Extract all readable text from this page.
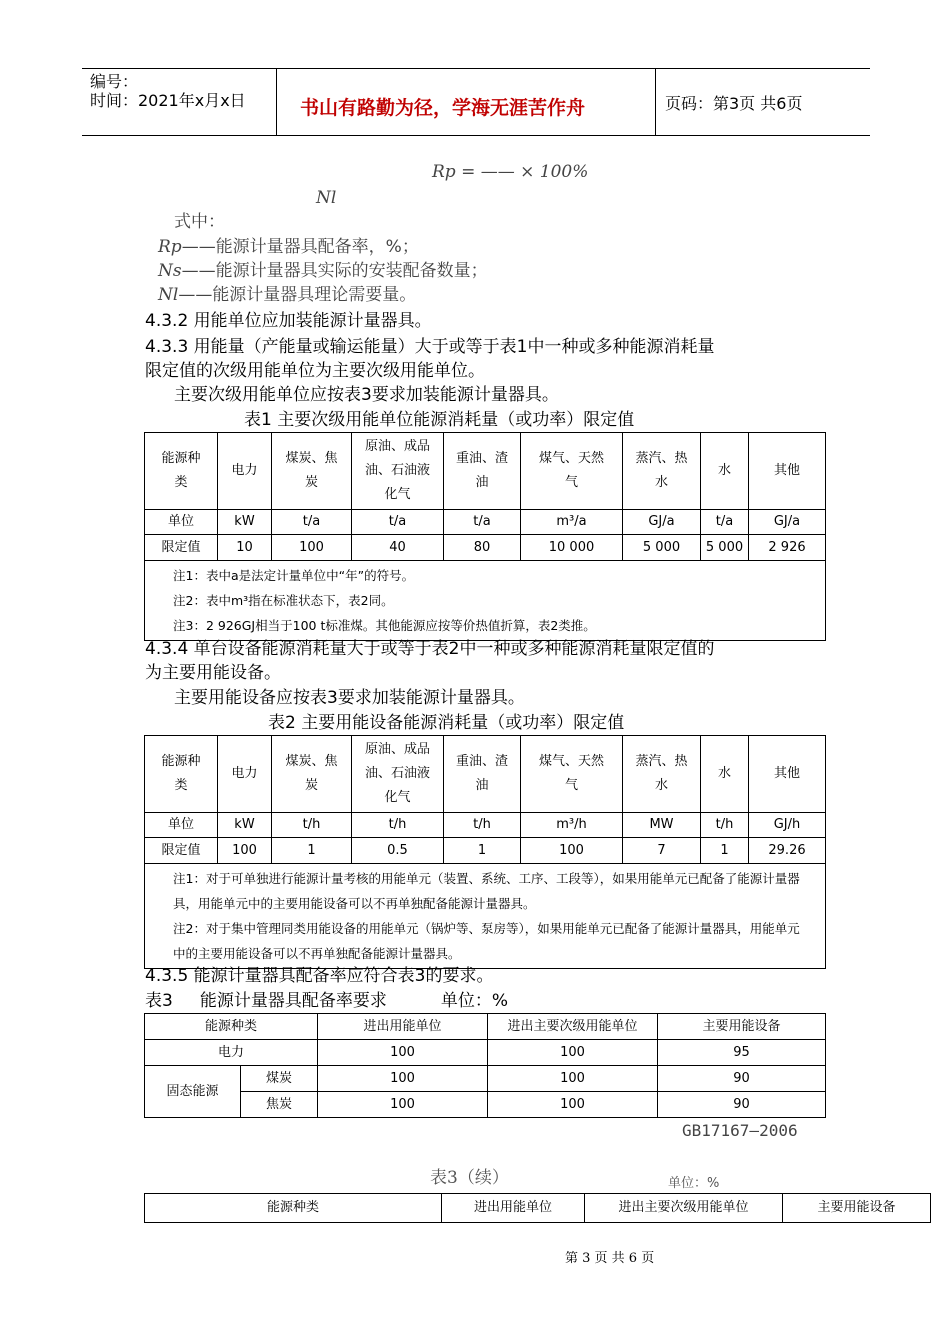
编号：
时间：2021年x月x日	书山有路勤为径，学海无涯苦作舟	页码：第3页 共6页
Rp = —— × 100%
Nl
式中：
Rp——能源计量器具配备率，%；
Ns——能源计量器具实际的安装配备数量；
Nl——能源计量器具理论需要量。
4.3.2 用能单位应加装能源计量器具。
4.3.3 用能量（产能量或输运能量）大于或等于表1中一种或多种能源消耗量
限定值的次级用能单位为主要次级用能单位。
主要次级用能单位应按表3要求加装能源计量器具。
表1 主要次级用能单位能源消耗量（或功率）限定值
能源种类	电力	煤炭、焦炭	原油、成品油、石油液化气	重油、渣油	煤气、天然气	蒸汽、热水	水	其他
单位	kW	t/a	t/a	t/a	m³/a	GJ/a	t/a	GJ/a
限定值	10	100	40	80	10 000	5 000	5 000	2 926

注1：表中a是法定计量单位中“年”的符号。
注2：表中m³指在标准状态下，表2同。
注3：2 926GJ相当于100 t标准煤。其他能源应按等价热值折算，表2类推。								
4.3.4 单台设备能源消耗量大于或等于表2中一种或多种能源消耗量限定值的
为主要用能设备。
主要用能设备应按表3要求加装能源计量器具。
表2 主要用能设备能源消耗量（或功率）限定值
能源种类	电力	煤炭、焦炭	原油、成品油、石油液化气	重油、渣油	煤气、天然气	蒸汽、热水	水	其他
单位	kW	t/h	t/h	t/h	m³/h	MW	t/h	GJ/h
限定值	100	1	0.5	1	100	7	1	29.26

注1：对于可单独进行能源计量考核的用能单元（装置、系统、工序、工段等），如果用能单元已配备了能源计量器具，用能单元中的主要用能设备可以不再单独配备能源计量器具。
注2：对于集中管理同类用能设备的用能单元（锅炉等、泵房等），如果用能单元已配备了能源计量器具，用能单元中的主要用能设备可以不再单独配备能源计量器具。								
4.3.5 能源计量器具配备率应符合表3的要求。
表3     能源计量器具配备率要求          单位：%
能源种类		进出用能单位	进出主要次级用能单位	主要用能设备
电力		100	100	95
固态能源	煤炭	100	100	90
	焦炭	100	100	90
GB17167—2006
表3（续）	单位：%
能源种类	进出用能单位	进出主要次级用能单位	主要用能设备
第 3 页 共 6 页
